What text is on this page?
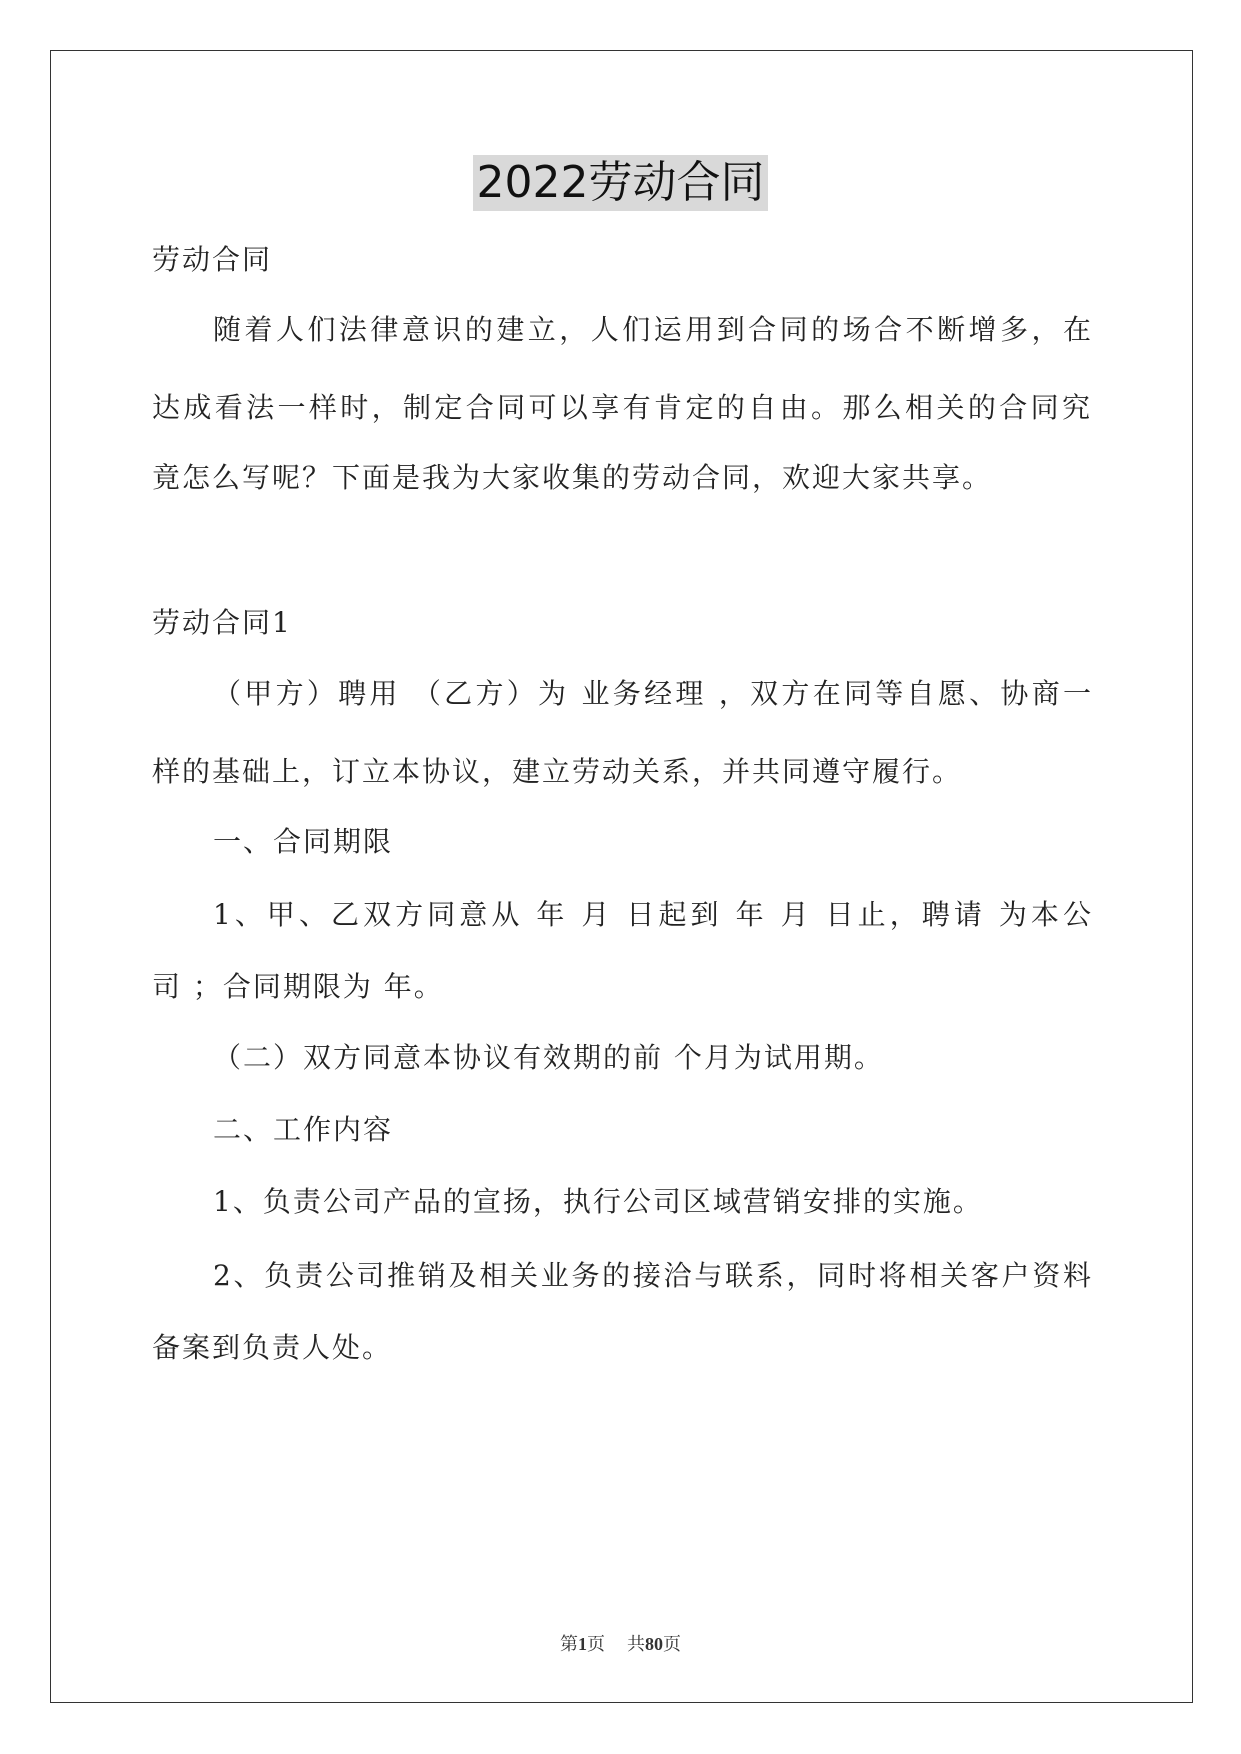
2022劳动合同
劳动合同
随着人们法律意识的建立，人们运用到合同的场合不断增多，在
达成看法一样时，制定合同可以享有肯定的自由。那么相关的合同究
竟怎么写呢？下面是我为大家收集的劳动合同，欢迎大家共享。
劳动合同1
（甲方）聘用 （乙方）为 业务经理 ，双方在同等自愿、协商一
样的基础上，订立本协议，建立劳动关系，并共同遵守履行。
一、合同期限
1、甲、乙双方同意从 年 月 日起到 年 月 日止，聘请 为本公
司 ；合同期限为 年。
（二）双方同意本协议有效期的前 个月为试用期。
二、工作内容
1、负责公司产品的宣扬，执行公司区域营销安排的实施。
2、负责公司推销及相关业务的接洽与联系，同时将相关客户资料
备案到负责人处。
第1页 共80页
